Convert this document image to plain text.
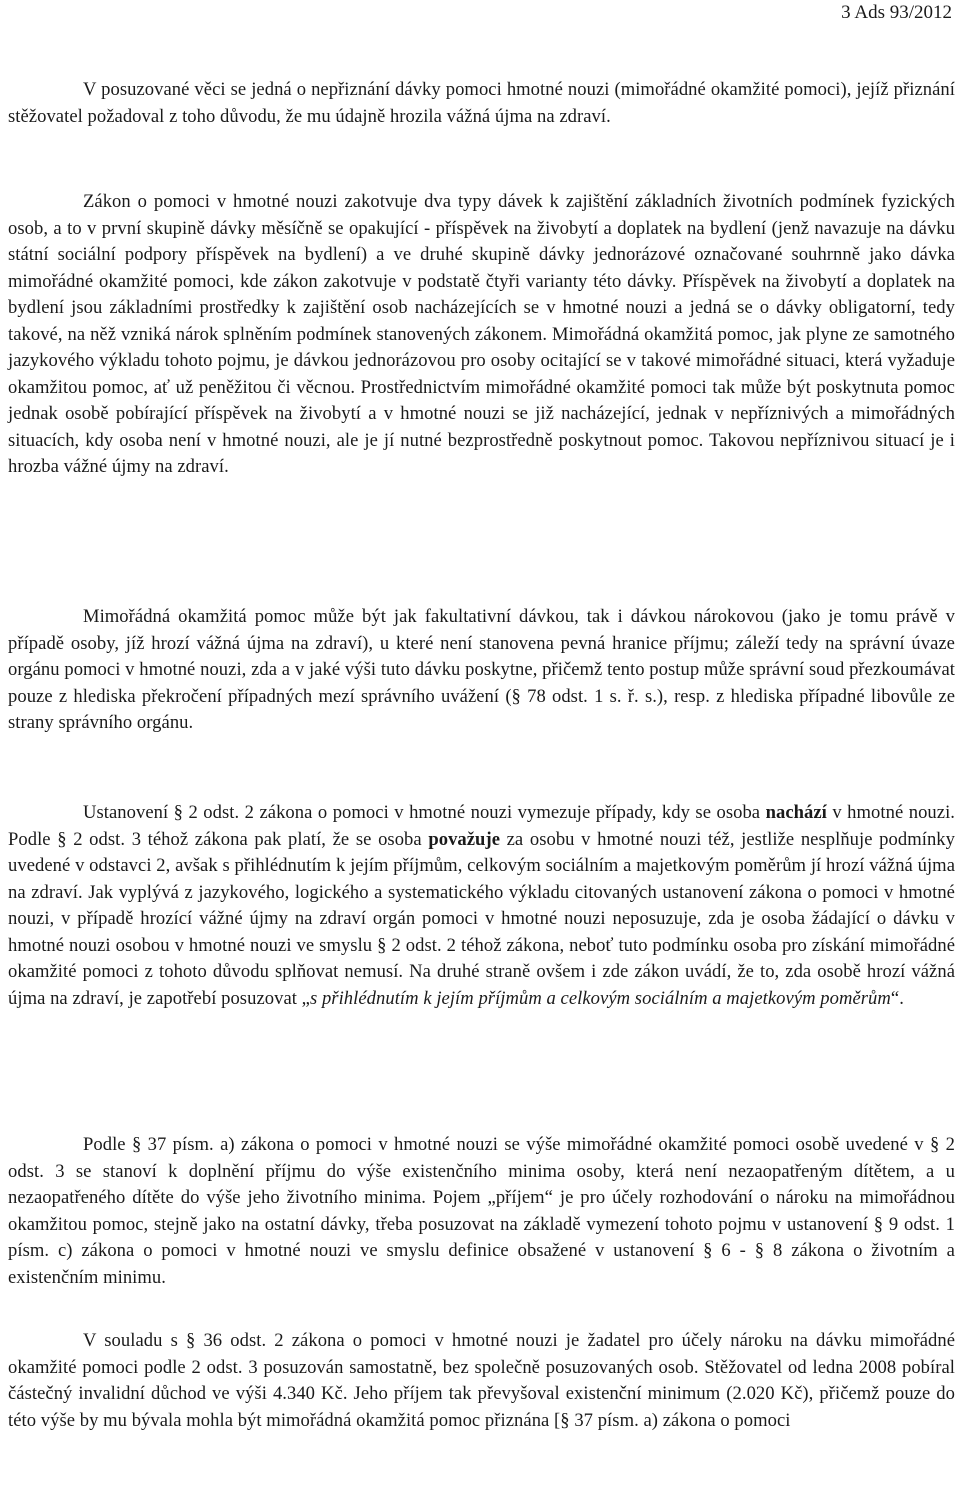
3 Ads 93/2012

V posuzované věci se jedná o nepřiznání dávky pomoci hmotné nouzi (mimořádné okamžité pomoci), jejíž přiznání stěžovatel požadoval z toho důvodu, že mu údajně hrozila vážná újma na zdraví.

Zákon o pomoci v hmotné nouzi zakotvuje dva typy dávek k zajištění základních životních podmínek fyzických osob, a to v první skupině dávky měsíčně se opakující - příspěvek na živobytí a doplatek na bydlení (jenž navazuje na dávku státní sociální podpory příspěvek na bydlení) a ve druhé skupině dávky jednorázové označované souhrnně jako dávka mimořádné okamžité pomoci, kde zákon zakotvuje v podstatě čtyři varianty této dávky. Příspěvek na živobytí a doplatek na bydlení jsou základními prostředky k zajištění osob nacházejících se v hmotné nouzi a jedná se o dávky obligatorní, tedy takové, na něž vzniká nárok splněním podmínek stanovených zákonem. Mimořádná okamžitá pomoc, jak plyne ze samotného jazykového výkladu tohoto pojmu, je dávkou jednorázovou pro osoby ocitající se v takové mimořádné situaci, která vyžaduje okamžitou pomoc, ať už peněžitou či věcnou. Prostřednictvím mimořádné okamžité pomoci tak může být poskytnuta pomoc jednak osobě pobírající příspěvek na živobytí a v hmotné nouzi se již nacházející, jednak v nepříznivých a mimořádných situacích, kdy osoba není v hmotné nouzi, ale je jí nutné bezprostředně poskytnout pomoc. Takovou nepříznivou situací je i hrozba vážné újmy na zdraví.

Mimořádná okamžitá pomoc může být jak fakultativní dávkou, tak i dávkou nárokovou (jako je tomu právě v případě osoby, jíž hrozí vážná újma na zdraví), u které není stanovena pevná hranice příjmu; záleží tedy na správní úvaze orgánu pomoci v hmotné nouzi, zda a v jaké výši tuto dávku poskytne, přičemž tento postup může správní soud přezkoumávat pouze z hlediska překročení případných mezí správního uvážení (§ 78 odst. 1 s. ř. s.), resp. z hlediska případné libovůle ze strany správního orgánu.

Ustanovení § 2 odst. 2 zákona o pomoci v hmotné nouzi vymezuje případy, kdy se osoba nachází v hmotné nouzi. Podle § 2 odst. 3 téhož zákona pak platí, že se osoba považuje za osobu v hmotné nouzi též, jestliže nesplňuje podmínky uvedené v odstavci 2, avšak s přihlédnutím k jejím příjmům, celkovým sociálním a majetkovým poměrům jí hrozí vážná újma na zdraví. Jak vyplývá z jazykového, logického a systematického výkladu citovaných ustanovení zákona o pomoci v hmotné nouzi, v případě hrozící vážné újmy na zdraví orgán pomoci v hmotné nouzi neposuzuje, zda je osoba žádající o dávku v hmotné nouzi osobou v hmotné nouzi ve smyslu § 2 odst. 2 téhož zákona, neboť tuto podmínku osoba pro získání mimořádné okamžité pomoci z tohoto důvodu splňovat nemusí. Na druhé straně ovšem i zde zákon uvádí, že to, zda osobě hrozí vážná újma na zdraví, je zapotřebí posuzovat „s přihlédnutím k jejím příjmům a celkovým sociálním a majetkovým poměrům“.

Podle § 37 písm. a) zákona o pomoci v hmotné nouzi se výše mimořádné okamžité pomoci osobě uvedené v § 2 odst. 3 se stanoví k doplnění příjmu do výše existenčního minima osoby, která není nezaopatřeným dítětem, a u nezaopatřeného dítěte do výše jeho životního minima. Pojem „příjem“ je pro účely rozhodování o nároku na mimořádnou okamžitou pomoc, stejně jako na ostatní dávky, třeba posuzovat na základě vymezení tohoto pojmu v ustanovení § 9 odst. 1 písm. c) zákona o pomoci v hmotné nouzi ve smyslu definice obsažené v ustanovení § 6 - § 8 zákona o životním a existenčním minimu.

V souladu s § 36 odst. 2 zákona o pomoci v hmotné nouzi je žadatel pro účely nároku na dávku mimořádné okamžité pomoci podle 2 odst. 3 posuzován samostatně, bez společně posuzovaných osob. Stěžovatel od ledna 2008 pobíral částečný invalidní důchod ve výši 4.340 Kč. Jeho příjem tak převyšoval existenční minimum (2.020 Kč), přičemž pouze do této výše by mu bývala mohla být mimořádná okamžitá pomoc přiznána [§ 37 písm. a) zákona o pomoci
